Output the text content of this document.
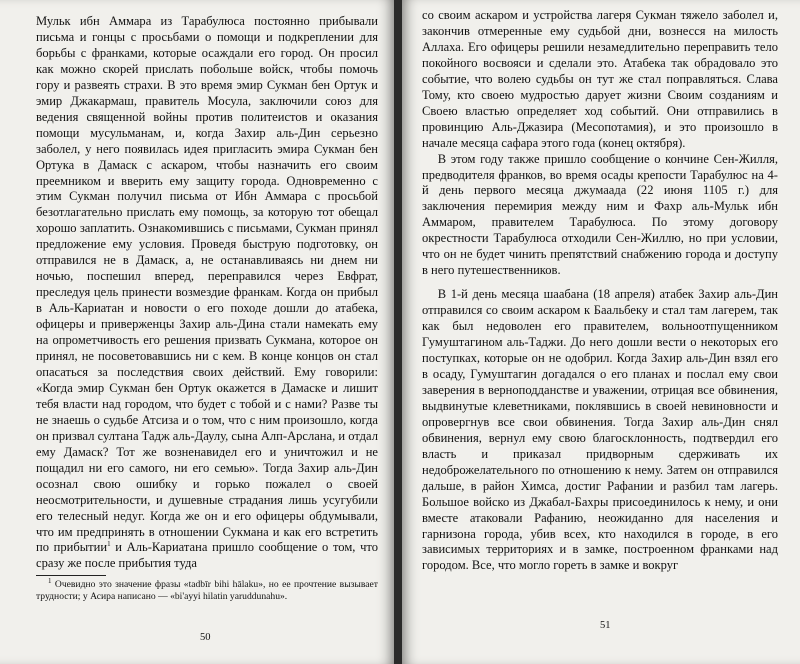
Мульк ибн Аммара из Тарабулюса постоянно прибывали письма и гонцы с просьбами о помощи и подкреплении для борьбы с франками, которые осаждали его город. Он просил как можно скорей прислать побольше войск, чтобы помочь гору и развеять страхи. В это время эмир Сукман бен Ортук и эмир Джакармаш, правитель Мосула, заключили союз для ведения священной войны против политеистов и оказания помощи мусульманам, и, когда Захир аль-Дин серьезно заболел, у него появилась идея пригласить эмира Сукман бен Ортука в Дамаск с аскаром, чтобы назначить его своим преемником и вверить ему защиту города. Одновременно с этим Сукман получил письма от Ибн Аммара с просьбой безотлагательно прислать ему помощь, за которую тот обещал хорошо заплатить. Ознакомившись с письмами, Сукман принял предложение ему условия. Проведя быструю подготовку, он отправился не в Дамаск, а, не останавливаясь ни днем ни ночью, поспешил вперед, переправился через Евфрат, преследуя цель принести возмездие франкам. Когда он прибыл в Аль-Кариатан и новости о его походе дошли до атабека, офицеры и приверженцы Захир аль-Дина стали намекать ему на опрометчивость его решения призвать Сукмана, которое он принял, не посоветовавшись ни с кем. В конце концов он стал опасаться за последствия своих действий. Ему говорили: «Когда эмир Сукман бен Ортук окажется в Дамаске и лишит тебя власти над городом, что будет с тобой и с нами? Разве ты не знаешь о судьбе Атсиза и о том, что с ним произошло, когда он призвал султана Тадж аль-Даулу, сына Алп-Арслана, и отдал ему Дамаск? Тот же возненавидел его и уничтожил и не пощадил ни его самого, ни его семью». Тогда Захир аль-Дин осознал свою ошибку и горько пожалел о своей неосмотрительности, и душевные страдания лишь усугубили его телесный недуг. Когда же он и его офицеры обдумывали, что им предпринять в отношении Сукмана и как его встретить по прибытии$^1$ и Аль-Кариатана пришло сообщение о том, что сразу же после прибытия туда

$^1$ Очевидно это значение фразы «tadbīr bihi hālaku», но ее прочтение вызывает трудности; у Асира написано — «bi'ayyi hilatin yaruddunahu».

50

со своим аскаром и устройства лагеря Сукман тяжело заболел и, закончив отмеренные ему судьбой дни, вознесся на милость Аллаха. Его офицеры решили незамедлительно переправить тело покойного восвояси и сделали это. Атабека так обрадовало это событие, что волею судьбы он тут же стал поправляться. Слава Тому, кто своею мудростью дарует жизни Своим созданиям и Своею властью определяет ход событий. Они отправились в провинцию Аль-Джазира (Месопотамия), и это произошло в начале месяца сафара этого года (конец октября).

В этом году также пришло сообщение о кончине Сен-Жилля, предводителя франков, во время осады крепости Тарабулюс на 4-й день первого месяца джумаада (22 июня 1105 г.) для заключения перемирия между ним и Фахр аль-Мульк ибн Аммаром, правителем Тарабулюса. По этому договору окрестности Тарабулюса отходили Сен-Жиллю, но при условии, что он не будет чинить препятствий снабжению города и доступу в него путешественников.

В 1-й день месяца шаабана (18 апреля) атабек Захир аль-Дин отправился со своим аскаром к Баальбеку и стал там лагерем, так как был недоволен его правителем, вольноотпущенником Гумуштагином аль-Таджи. До него дошли вести о некоторых его поступках, которые он не одобрил. Когда Захир аль-Дин взял его в осаду, Гумуштагин догадался о его планах и послал ему свои заверения в верноподданстве и уважении, отрицая все обвинения, выдвинутые клеветниками, поклявшись в своей невиновности и опровергнув все свои обвинения. Тогда Захир аль-Дин снял обвинения, вернул ему свою благосклонность, подтвердил его власть и приказал придворным сдерживать их недоброжелательного по отношению к нему. Затем он отправился дальше, в район Химса, достиг Рафании и разбил там лагерь. Большое войско из Джабал-Бахры присоединилось к нему, и они вместе атаковали Рафанию, неожиданно для населения и гарнизона города, убив всех, кто находился в городе, в его зависимых территориях и в замке, построенном франками над городом. Все, что могло гореть в замке и вокруг

51
